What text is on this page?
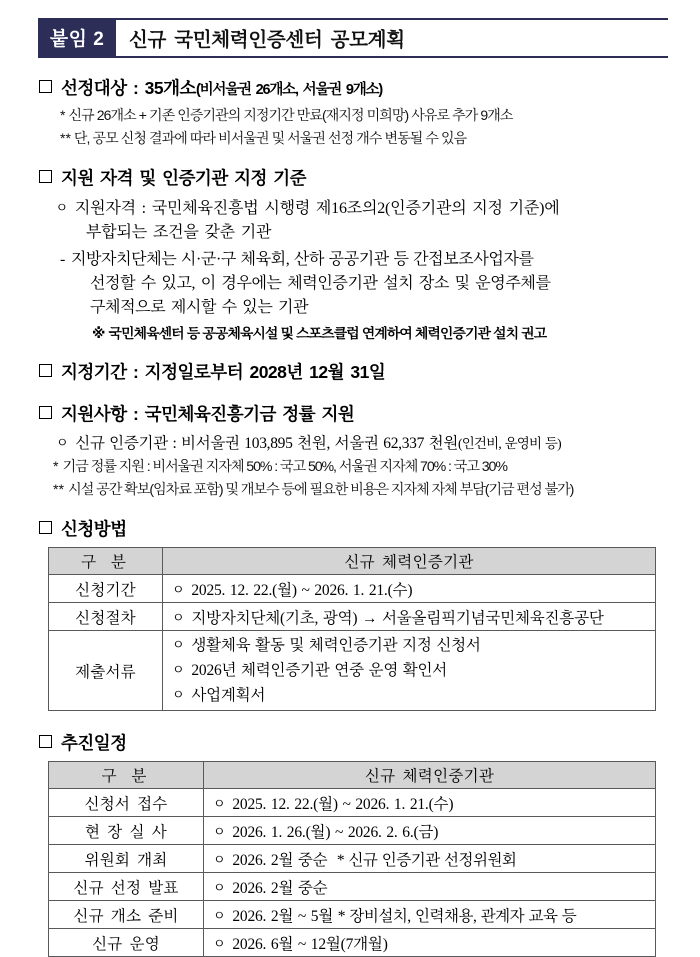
붙임 2	신규 국민체력인증센터 공모계획
선정대상 : 35개소 (비서울권 26개소, 서울권 9개소)

* 신규 26개소 + 기존 인증기관의 지정기간 만료(재지정 미희망) 사유로 추가 9개소

** 단, 공모 신청 결과에 따라 비서울권 및 서울권 선정 개수 변동될 수 있음

지원 자격 및 인증기관 지정 기준

ㅇ 지원자격 : 국민체육진흥법 시행령 제16조의2(인증기관의 지정 기준)에

부합되는 조건을 갖춘 기관

- 지방자치단체는 시·군·구 체육회, 산하 공공기관 등 간접보조사업자를

선정할 수 있고, 이 경우에는 체력인증기관 설치 장소 및 운영주체를

구체적으로 제시할 수 있는 기관

※ 국민체육센터 등 공공체육시설 및 스포츠클럽 연계하여 체력인증기관 설치 권고

지정기간 : 지정일로부터 2028년 12월 31일
지원사항 : 국민체육진흥기금 정률 지원

ㅇ 신규 인증기관 : 비서울권 103,895 천원, 서울권 62,337 천원(인건비, 운영비 등)

* 기금 정률 지원 : 비서울권 지자체 50% : 국고 50%, 서울권 지자체 70% : 국고 30%

** 시설 공간 확보(임차료 포함) 및 개보수 등에 필요한 비용은 지자체 자체 부담(기금 편성 불가)

신청방법
구 분	신규 체력인증기관
신청기간	ㅇ 2025. 12. 22.(월) ~ 2026. 1. 21.(수)
신청절차	ㅇ 지방자치단체(기초, 광역) → 서울올림픽기념국민체육진흥공단
제출서류	ㅇ 생활체육 활동 및 체력인증기관 지정 신청서
ㅇ 2026년 체력인증기관 연중 운영 확인서
ㅇ 사업계획서
추진일정
구 분	신규 체력인중기관
신청서 접수	ㅇ 2025. 12. 22.(월) ~ 2026. 1. 21.(수)
현 장 실 사	ㅇ 2026. 1. 26.(월) ~ 2026. 2. 6.(금)
위원회 개최	ㅇ 2026. 2월 중순 * 신규 인증기관 선정위원회
신규 선정 발표	ㅇ 2026. 2월 중순
신규 개소 준비	ㅇ 2026. 2월 ~ 5월 * 장비설치, 인력채용, 관계자 교육 등
신규 운영	ㅇ 2026. 6월 ~ 12월(7개월)
